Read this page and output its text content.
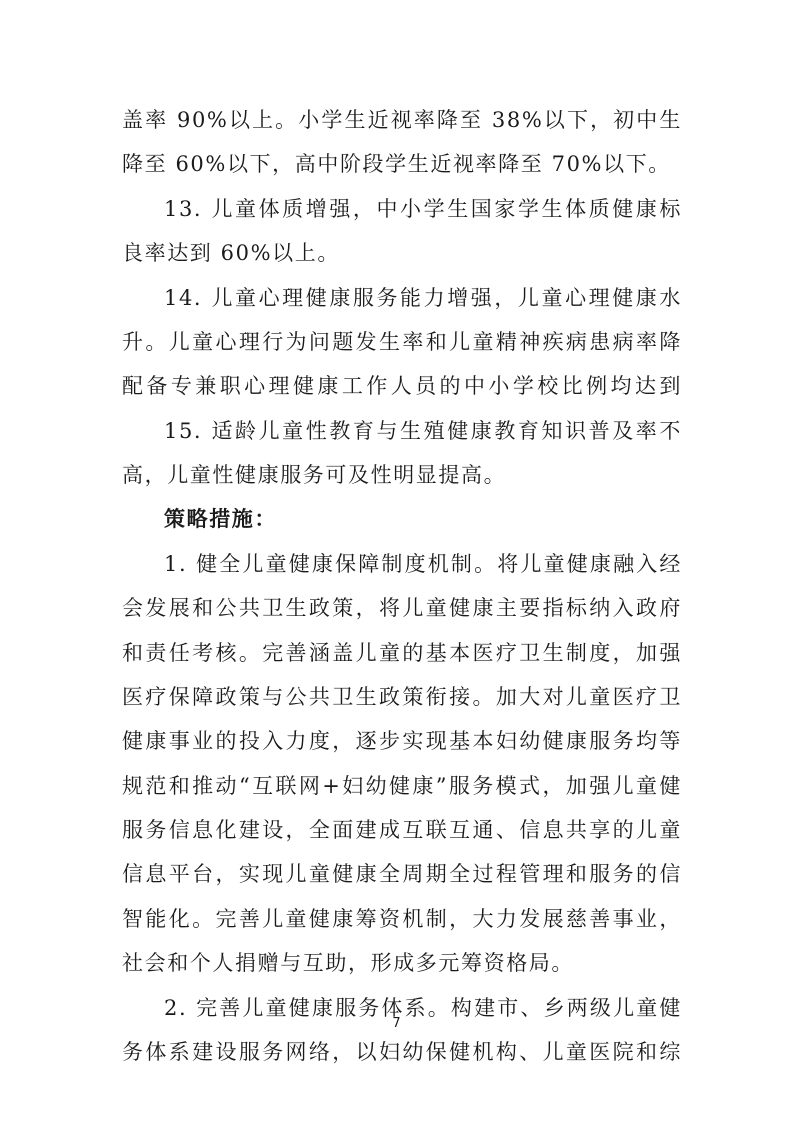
盖率 90%以上。小学生近视率降至 38%以下，初中生
降至 60%以下，高中阶段学生近视率降至 70%以下。
13. 儿童体质增强，中小学生国家学生体质健康标
良率达到 60%以上。
14. 儿童心理健康服务能力增强，儿童心理健康水
升。儿童心理行为问题发生率和儿童精神疾病患病率降
配备专兼职心理健康工作人员的中小学校比例均达到
15. 适龄儿童性教育与生殖健康教育知识普及率不
高，儿童性健康服务可及性明显提高。
策略措施：
1. 健全儿童健康保障制度机制。将儿童健康融入经
会发展和公共卫生政策，将儿童健康主要指标纳入政府
和责任考核。完善涵盖儿童的基本医疗卫生制度，加强
医疗保障政策与公共卫生政策衔接。加大对儿童医疗卫
健康事业的投入力度，逐步实现基本妇幼健康服务均等
规范和推动“互联网+妇幼健康”服务模式，加强儿童健
服务信息化建设，全面建成互联互通、信息共享的儿童
信息平台，实现儿童健康全周期全过程管理和服务的信
智能化。完善儿童健康筹资机制，大力发展慈善事业，
社会和个人捐赠与互助，形成多元筹资格局。
2. 完善儿童健康服务体系。构建市、乡两级儿童健
务体系建设服务网络，以妇幼保健机构、儿童医院和综
7
